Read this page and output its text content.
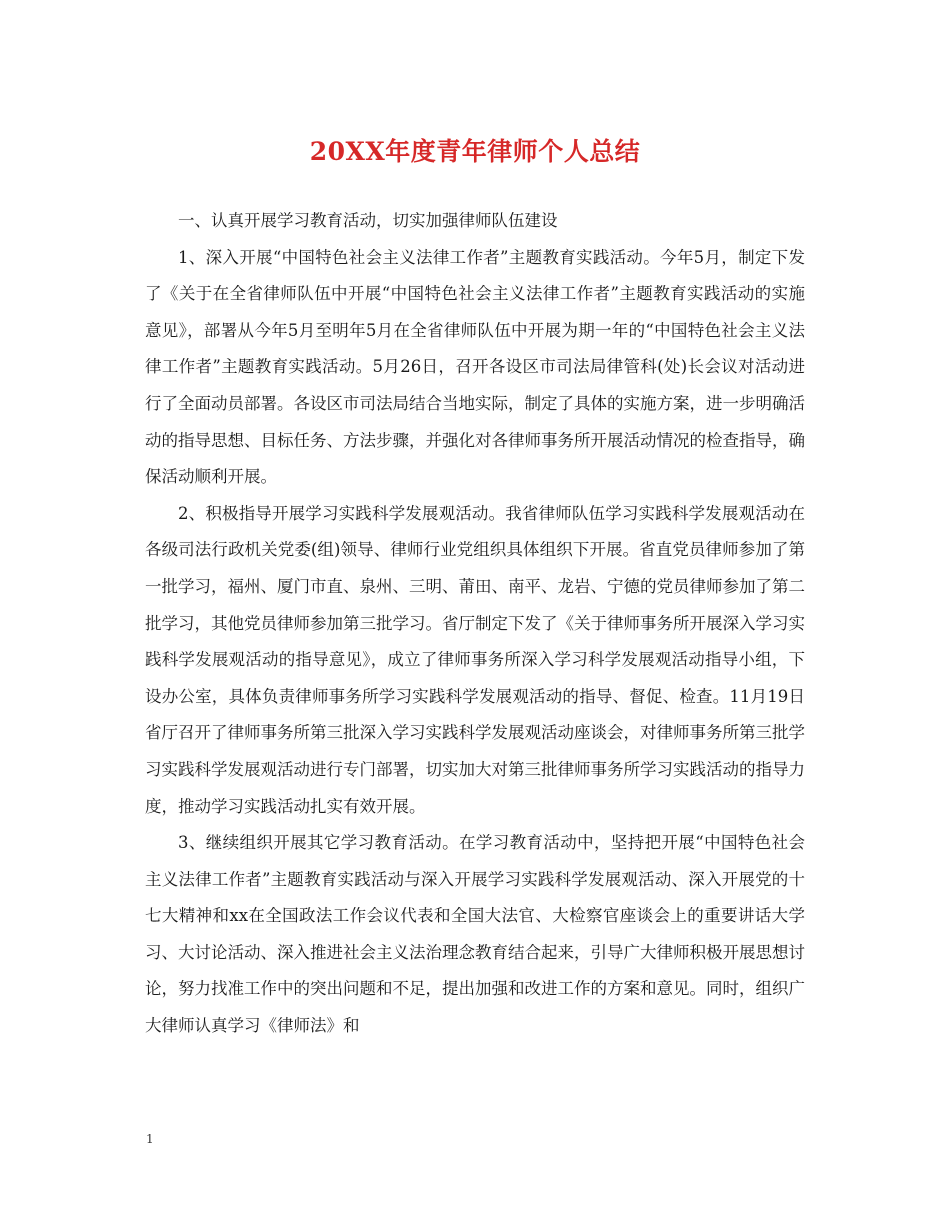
20XX年度青年律师个人总结

一、认真开展学习教育活动，切实加强律师队伍建设

1、深入开展“中国特色社会主义法律工作者”主题教育实践活动。今年5月，制定下发了《关于在全省律师队伍中开展“中国特色社会主义法律工作者”主题教育实践活动的实施意见》，部署从今年5月至明年5月在全省律师队伍中开展为期一年的“中国特色社会主义法律工作者”主题教育实践活动。5月26日，召开各设区市司法局律管科(处)长会议对活动进行了全面动员部署。各设区市司法局结合当地实际，制定了具体的实施方案，进一步明确活动的指导思想、目标任务、方法步骤，并强化对各律师事务所开展活动情况的检查指导，确保活动顺利开展。

2、积极指导开展学习实践科学发展观活动。我省律师队伍学习实践科学发展观活动在各级司法行政机关党委(组)领导、律师行业党组织具体组织下开展。省直党员律师参加了第一批学习，福州、厦门市直、泉州、三明、莆田、南平、龙岩、宁德的党员律师参加了第二批学习，其他党员律师参加第三批学习。省厅制定下发了《关于律师事务所开展深入学习实践科学发展观活动的指导意见》，成立了律师事务所深入学习科学发展观活动指导小组，下设办公室，具体负责律师事务所学习实践科学发展观活动的指导、督促、检查。11月19日省厅召开了律师事务所第三批深入学习实践科学发展观活动座谈会，对律师事务所第三批学习实践科学发展观活动进行专门部署，切实加大对第三批律师事务所学习实践活动的指导力度，推动学习实践活动扎实有效开展。

3、继续组织开展其它学习教育活动。在学习教育活动中，坚持把开展“中国特色社会主义法律工作者”主题教育实践活动与深入开展学习实践科学发展观活动、深入开展党的十七大精神和xx在全国政法工作会议代表和全国大法官、大检察官座谈会上的重要讲话大学习、大讨论活动、深入推进社会主义法治理念教育结合起来，引导广大律师积极开展思想讨论，努力找准工作中的突出问题和不足，提出加强和改进工作的方案和意见。同时，组织广大律师认真学习《律师法》和

1
